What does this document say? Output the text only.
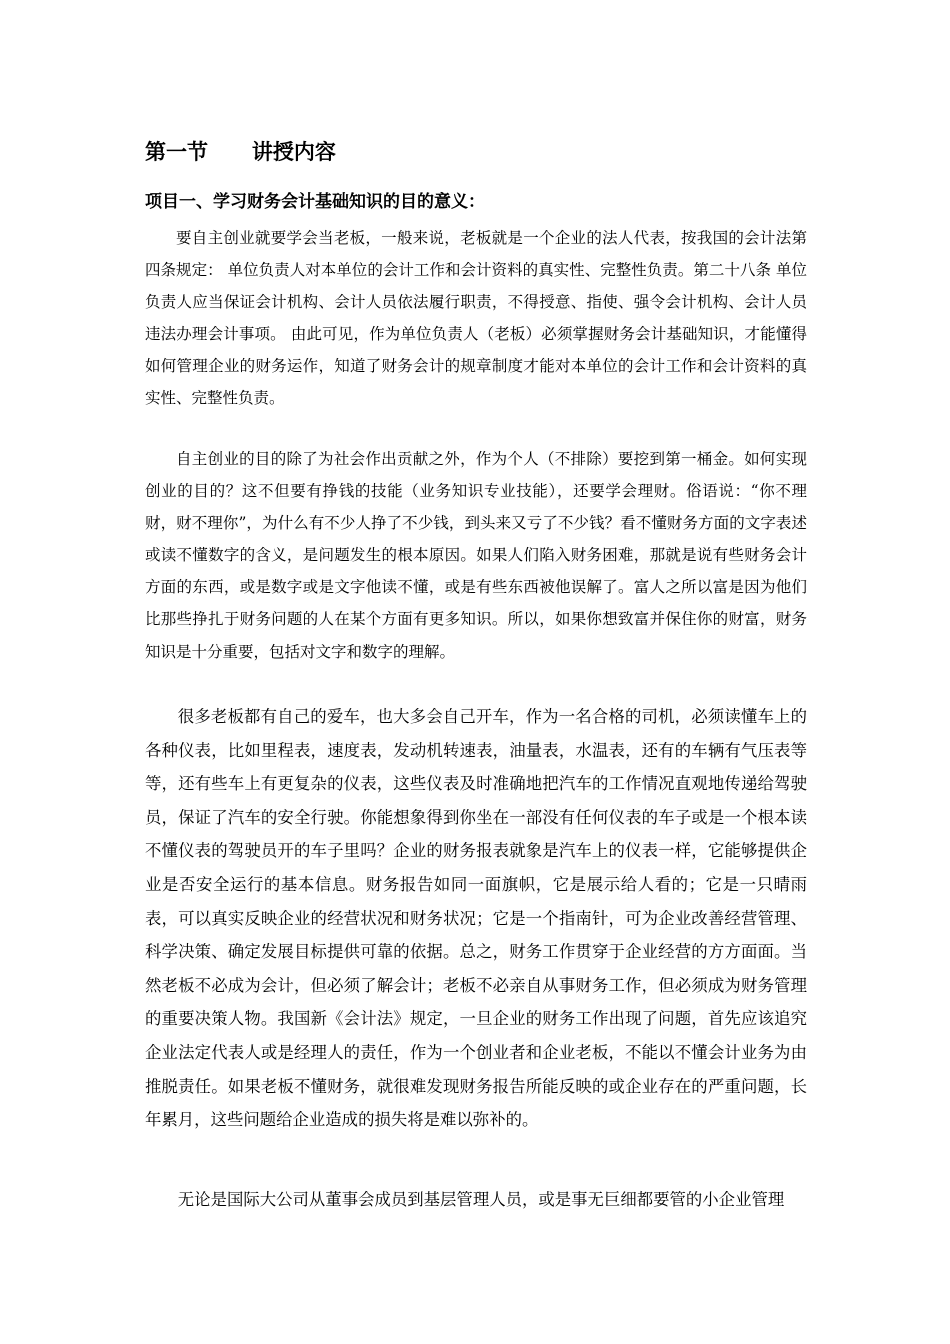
第一节      讲授内容
项目一、学习财务会计基础知识的目的意义：

要自主创业就要学会当老板，一般来说，老板就是一个企业的法人代表，按我国的会计法第四条规定： 单位负责人对本单位的会计工作和会计资料的真实性、完整性负责。第二十八条 单位负责人应当保证会计机构、会计人员依法履行职责，不得授意、指使、强令会计机构、会计人员违法办理会计事项。 由此可见，作为单位负责人（老板）必须掌握财务会计基础知识，才能懂得如何管理企业的财务运作，知道了财务会计的规章制度才能对本单位的会计工作和会计资料的真实性、完整性负责。

自主创业的目的除了为社会作出贡献之外，作为个人（不排除）要挖到第一桶金。如何实现创业的目的？这不但要有挣钱的技能（业务知识专业技能），还要学会理财。俗语说：“你不理财，财不理你”，为什么有不少人挣了不少钱，到头来又亏了不少钱？看不懂财务方面的文字表述或读不懂数字的含义，是问题发生的根本原因。如果人们陷入财务困难，那就是说有些财务会计方面的东西，或是数字或是文字他读不懂，或是有些东西被他误解了。富人之所以富是因为他们比那些挣扎于财务问题的人在某个方面有更多知识。所以，如果你想致富并保住你的财富，财务知识是十分重要，包括对文字和数字的理解。

很多老板都有自己的爱车，也大多会自己开车，作为一名合格的司机，必须读懂车上的各种仪表，比如里程表，速度表，发动机转速表，油量表，水温表，还有的车辆有气压表等等，还有些车上有更复杂的仪表，这些仪表及时准确地把汽车的工作情况直观地传递给驾驶员，保证了汽车的安全行驶。你能想象得到你坐在一部没有任何仪表的车子或是一个根本读不懂仪表的驾驶员开的车子里吗？企业的财务报表就象是汽车上的仪表一样，它能够提供企业是否安全运行的基本信息。财务报告如同一面旗帜，它是展示给人看的；它是一只晴雨表，可以真实反映企业的经营状况和财务状况；它是一个指南针，可为企业改善经营管理、科学决策、确定发展目标提供可靠的依据。总之，财务工作贯穿于企业经营的方方面面。当然老板不必成为会计，但必须了解会计；老板不必亲自从事财务工作，但必须成为财务管理的重要决策人物。我国新《会计法》规定，一旦企业的财务工作出现了问题，首先应该追究企业法定代表人或是经理人的责任，作为一个创业者和企业老板，不能以不懂会计业务为由推脱责任。如果老板不懂财务，就很难发现财务报告所能反映的或企业存在的严重问题，长年累月，这些问题给企业造成的损失将是难以弥补的。

无论是国际大公司从董事会成员到基层管理人员，或是事无巨细都要管的小企业管理
